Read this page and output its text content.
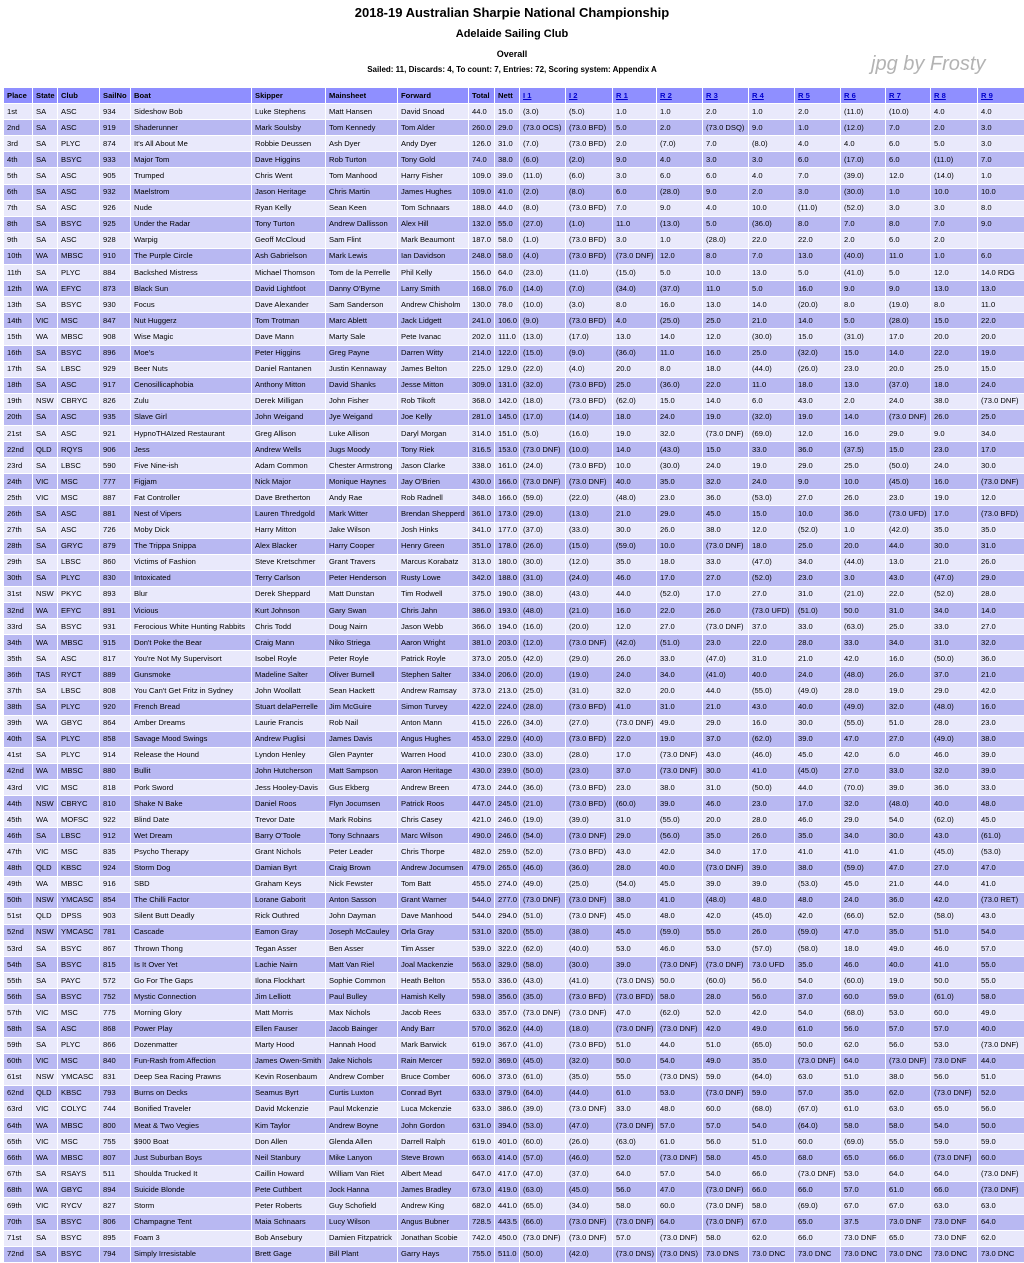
2018-19 Australian Sharpie National Championship
Adelaide Sailing Club
Overall
Sailed: 11, Discards: 4, To count: 7, Entries: 72, Scoring system: Appendix A	jpg by Frosty
Place	State	Club	SailNo	Boat	Skipper	Mainsheet	Forward	Total	Nett	I 1	I 2	R 1	R 2	R 3	R 4	R 5	R 6	R 7	R 8	R 9
1st	SA	ASC	934	Sideshow Bob	Luke Stephens	Matt Hansen	David Snoad	44.0	15.0	(3.0)	(5.0)	1.0	1.0	2.0	1.0	2.0	(11.0)	(10.0)	4.0	4.0
2nd	SA	ASC	919	Shaderunner	Mark Soulsby	Tom Kennedy	Tom Alder	260.0	29.0	(73.0 OCS)	(73.0 BFD)	5.0	2.0	(73.0 DSQ)	9.0	1.0	(12.0)	7.0	2.0	3.0
3rd	SA	PLYC	874	It's All About Me	Robbie Deussen	Ash Dyer	Andy Dyer	126.0	31.0	(7.0)	(73.0 BFD)	2.0	(7.0)	7.0	(8.0)	4.0	4.0	6.0	5.0	3.0
4th	SA	BSYC	933	Major Tom	Dave Higgins	Rob Turton	Tony Gold	74.0	38.0	(6.0)	(2.0)	9.0	4.0	3.0	3.0	6.0	(17.0)	6.0	(11.0)	7.0
5th	SA	ASC	905	Trumped	Chris Went	Tom Manhood	Harry Fisher	109.0	39.0	(11.0)	(6.0)	3.0	6.0	6.0	4.0	7.0	(39.0)	12.0	(14.0)	1.0
6th	SA	ASC	932	Maelstrom	Jason Heritage	Chris Martin	James Hughes	109.0	41.0	(2.0)	(8.0)	6.0	(28.0)	9.0	2.0	3.0	(30.0)	1.0	10.0	10.0
7th	SA	ASC	926	Nude	Ryan Kelly	Sean Keen	Tom Schnaars	188.0	44.0	(8.0)	(73.0 BFD)	7.0	9.0	4.0	10.0	(11.0)	(52.0)	3.0	3.0	8.0
8th	SA	BSYC	925	Under the Radar	Tony Turton	Andrew Dallisson	Alex Hill	132.0	55.0	(27.0)	(1.0)	11.0	(13.0)	5.0	(36.0)	8.0	7.0	8.0	7.0	9.0
9th	SA	ASC	928	Warpig	Geoff McCloud	Sam Flint	Mark Beaumont	187.0	58.0	(1.0)	(73.0 BFD)	3.0	1.0	(28.0)	22.0	22.0	2.0	6.0	2.0	
10th	WA	MBSC	910	The Purple Circle	Ash Gabrielson	Mark Lewis	Ian Davidson	248.0	58.0	(4.0)	(73.0 BFD)	(73.0 DNF)	12.0	8.0	7.0	13.0	(40.0)	11.0	1.0	6.0
11th	SA	PLYC	884	Backshed Mistress	Michael Thomson	Tom de la Perrelle	Phil Kelly	156.0	64.0	(23.0)	(11.0)	(15.0)	5.0	10.0	13.0	5.0	(41.0)	5.0	12.0	14.0 RDG
12th	WA	EFYC	873	Black Sun	David Lightfoot	Danny O'Byrne	Larry Smith	168.0	76.0	(14.0)	(7.0)	(34.0)	(37.0)	11.0	5.0	16.0	9.0	9.0	13.0	13.0
13th	SA	BSYC	930	Focus	Dave Alexander	Sam Sanderson	Andrew Chisholm	130.0	78.0	(10.0)	(3.0)	8.0	16.0	13.0	14.0	(20.0)	8.0	(19.0)	8.0	11.0
14th	VIC	MSC	847	Nut Huggerz	Tom Trotman	Marc Ablett	Jack Lidgett	241.0	106.0	(9.0)	(73.0 BFD)	4.0	(25.0)	25.0	21.0	14.0	5.0	(28.0)	15.0	22.0
15th	WA	MBSC	908	Wise Magic	Dave Mann	Marty Sale	Pete Ivanac	202.0	111.0	(13.0)	(17.0)	13.0	14.0	12.0	(30.0)	15.0	(31.0)	17.0	20.0	20.0
16th	SA	BSYC	896	Moe's	Peter Higgins	Greg Payne	Darren Witty	214.0	122.0	(15.0)	(9.0)	(36.0)	11.0	16.0	25.0	(32.0)	15.0	14.0	22.0	19.0
17th	SA	LBSC	929	Beer Nuts	Daniel Rantanen	Justin Kennaway	James Belton	225.0	129.0	(22.0)	(4.0)	20.0	8.0	18.0	(44.0)	(26.0)	23.0	20.0	25.0	15.0
18th	SA	ASC	917	Cenosillicaphobia	Anthony Mitton	David Shanks	Jesse Mitton	309.0	131.0	(32.0)	(73.0 BFD)	25.0	(36.0)	22.0	11.0	18.0	13.0	(37.0)	18.0	24.0
19th	NSW	CBRYC	826	Zulu	Derek Milligan	John Fisher	Rob Tikoft	368.0	142.0	(18.0)	(73.0 BFD)	(62.0)	15.0	14.0	6.0	43.0	2.0	24.0	38.0	(73.0 DNF)
20th	SA	ASC	935	Slave Girl	John Weigand	Jye Weigand	Joe Kelly	281.0	145.0	(17.0)	(14.0)	18.0	24.0	19.0	(32.0)	19.0	14.0	(73.0 DNF)	26.0	25.0
21st	SA	ASC	921	HypnoTHAIzed Restaurant	Greg Allison	Luke Allison	Daryl Morgan	314.0	151.0	(5.0)	(16.0)	19.0	32.0	(73.0 DNF)	(69.0)	12.0	16.0	29.0	9.0	34.0
22nd	QLD	RQYS	906	Jess	Andrew Wells	Jugs Moody	Tony Riek	316.5	153.0	(73.0 DNF)	(10.0)	14.0	(43.0)	15.0	33.0	36.0	(37.5)	15.0	23.0	17.0
23rd	SA	LBSC	590	Five Nine-ish	Adam Common	Chester Armstrong	Jason Clarke	338.0	161.0	(24.0)	(73.0 BFD)	10.0	(30.0)	24.0	19.0	29.0	25.0	(50.0)	24.0	30.0
24th	VIC	MSC	777	Figjam	Nick Major	Monique Haynes	Jay O'Brien	430.0	166.0	(73.0 DNF)	(73.0 DNF)	40.0	35.0	32.0	24.0	9.0	10.0	(45.0)	16.0	(73.0 DNF)
25th	VIC	MSC	887	Fat Controller	Dave Bretherton	Andy Rae	Rob Radnell	348.0	166.0	(59.0)	(22.0)	(48.0)	23.0	36.0	(53.0)	27.0	26.0	23.0	19.0	12.0
26th	SA	ASC	881	Nest of Vipers	Lauren Thredgold	Mark Witter	Brendan Shepperd	361.0	173.0	(29.0)	(13.0)	21.0	29.0	45.0	15.0	10.0	36.0	(73.0 UFD)	17.0	(73.0 BFD)
27th	SA	ASC	726	Moby Dick	Harry Mitton	Jake Wilson	Josh Hinks	341.0	177.0	(37.0)	(33.0)	30.0	26.0	38.0	12.0	(52.0)	1.0	(42.0)	35.0	35.0
28th	SA	GRYC	879	The Trippa Snippa	Alex Blacker	Harry Cooper	Henry Green	351.0	178.0	(26.0)	(15.0)	(59.0)	10.0	(73.0 DNF)	18.0	25.0	20.0	44.0	30.0	31.0
29th	SA	LBSC	860	Victims of Fashion	Steve Kretschmer	Grant Travers	Marcus Korabatz	313.0	180.0	(30.0)	(12.0)	35.0	18.0	33.0	(47.0)	34.0	(44.0)	13.0	21.0	26.0
30th	SA	PLYC	830	Intoxicated	Terry Carlson	Peter Henderson	Rusty Lowe	342.0	188.0	(31.0)	(24.0)	46.0	17.0	27.0	(52.0)	23.0	3.0	43.0	(47.0)	29.0
31st	NSW	PKYC	893	Blur	Derek Sheppard	Matt Dunstan	Tim Rodwell	375.0	190.0	(38.0)	(43.0)	44.0	(52.0)	17.0	27.0	31.0	(21.0)	22.0	(52.0)	28.0
32nd	WA	EFYC	891	Vicious	Kurt Johnson	Gary Swan	Chris Jahn	386.0	193.0	(48.0)	(21.0)	16.0	22.0	26.0	(73.0 UFD)	(51.0)	50.0	31.0	34.0	14.0
33rd	SA	BSYC	931	Ferocious White Hunting Rabbits	Chris Todd	Doug Nairn	Jason Webb	366.0	194.0	(16.0)	(20.0)	12.0	27.0	(73.0 DNF)	37.0	33.0	(63.0)	25.0	33.0	27.0
34th	WA	MBSC	915	Don't Poke the Bear	Craig Mann	Niko Striega	Aaron Wright	381.0	203.0	(12.0)	(73.0 DNF)	(42.0)	(51.0)	23.0	22.0	28.0	33.0	34.0	31.0	32.0
35th	SA	ASC	817	You're Not My Supervisort	Isobel Royle	Peter Royle	Patrick Royle	373.0	205.0	(42.0)	(29.0)	26.0	33.0	(47.0)	31.0	21.0	42.0	16.0	(50.0)	36.0
36th	TAS	RYCT	889	Gunsmoke	Madeline Salter	Oliver Burnell	Stephen Salter	334.0	206.0	(20.0)	(19.0)	24.0	34.0	(41.0)	40.0	24.0	(48.0)	26.0	37.0	21.0
37th	SA	LBSC	808	You Can't Get Fritz in Sydney	John Woollatt	Sean Hackett	Andrew Ramsay	373.0	213.0	(25.0)	(31.0)	32.0	20.0	44.0	(55.0)	(49.0)	28.0	19.0	29.0	42.0
38th	SA	PLYC	920	French Bread	Stuart delaPerrelle	Jim McGuire	Simon Turvey	422.0	224.0	(28.0)	(73.0 BFD)	41.0	31.0	21.0	43.0	40.0	(49.0)	32.0	(48.0)	16.0
39th	WA	GBYC	864	Amber Dreams	Laurie Francis	Rob Nail	Anton Mann	415.0	226.0	(34.0)	(27.0)	(73.0 DNF)	49.0	29.0	16.0	30.0	(55.0)	51.0	28.0	23.0
40th	SA	PLYC	858	Savage Mood Swings	Andrew Puglisi	James Davis	Angus Hughes	453.0	229.0	(40.0)	(73.0 BFD)	22.0	19.0	37.0	(62.0)	39.0	47.0	27.0	(49.0)	38.0
41st	SA	PLYC	914	Release the Hound	Lyndon Henley	Glen Paynter	Warren Hood	410.0	230.0	(33.0)	(28.0)	17.0	(73.0 DNF)	43.0	(46.0)	45.0	42.0	6.0	46.0	39.0
42nd	WA	MBSC	880	Bullit	John Hutcherson	Matt Sampson	Aaron Heritage	430.0	239.0	(50.0)	(23.0)	37.0	(73.0 DNF)	30.0	41.0	(45.0)	27.0	33.0	32.0	39.0
43rd	VIC	MSC	818	Pork Sword	Jess Hooley-Davis	Gus Ekberg	Andrew Breen	473.0	244.0	(36.0)	(73.0 BFD)	23.0	38.0	31.0	(50.0)	44.0	(70.0)	39.0	36.0	33.0
44th	NSW	CBRYC	810	Shake N Bake	Daniel Roos	Flyn Jocumsen	Patrick Roos	447.0	245.0	(21.0)	(73.0 BFD)	(60.0)	39.0	46.0	23.0	17.0	32.0	(48.0)	40.0	48.0
45th	WA	MOFSC	922	Blind Date	Trevor Date	Mark Robins	Chris Casey	421.0	246.0	(19.0)	(39.0)	31.0	(55.0)	20.0	28.0	46.0	29.0	54.0	(62.0)	45.0
46th	SA	LBSC	912	Wet Dream	Barry O'Toole	Tony Schnaars	Marc Wilson	490.0	246.0	(54.0)	(73.0 DNF)	29.0	(56.0)	35.0	26.0	35.0	34.0	30.0	43.0	(61.0)
47th	VIC	MSC	835	Psycho Therapy	Grant Nichols	Peter Leader	Chris Thorpe	482.0	259.0	(52.0)	(73.0 BFD)	43.0	42.0	34.0	17.0	41.0	41.0	41.0	(45.0)	(53.0)
48th	QLD	KBSC	924	Storm Dog	Damian Byrt	Craig Brown	Andrew Jocumsen	479.0	265.0	(46.0)	(36.0)	28.0	40.0	(73.0 DNF)	39.0	38.0	(59.0)	47.0	27.0	47.0
49th	WA	MBSC	916	SBD	Graham Keys	Nick Fewster	Tom Batt	455.0	274.0	(49.0)	(25.0)	(54.0)	45.0	39.0	39.0	(53.0)	45.0	21.0	44.0	41.0
50th	NSW	YMCASC	854	The Chilli Factor	Lorane Gaborit	Anton Sasson	Grant Warner	544.0	277.0	(73.0 DNF)	(73.0 DNF)	38.0	41.0	(48.0)	48.0	48.0	24.0	36.0	42.0	(73.0 RET)
51st	QLD	DPSS	903	Silent Butt Deadly	Rick Outhred	John Dayman	Dave Manhood	544.0	294.0	(51.0)	(73.0 DNF)	45.0	48.0	42.0	(45.0)	42.0	(66.0)	52.0	(58.0)	43.0
52nd	NSW	YMCASC	781	Cascade	Eamon Gray	Joseph McCauley	Orla Gray	531.0	320.0	(55.0)	(38.0)	45.0	(59.0)	55.0	26.0	(59.0)	47.0	35.0	51.0	54.0
53rd	SA	BSYC	867	Thrown Thong	Tegan Asser	Ben Asser	Tim Asser	539.0	322.0	(62.0)	(40.0)	53.0	46.0	53.0	(57.0)	(58.0)	18.0	49.0	46.0	57.0
54th	SA	BSYC	815	Is It Over Yet	Lachie Nairn	Matt Van Riel	Joal Mackenzie	563.0	329.0	(58.0)	(30.0)	39.0	(73.0 DNF)	(73.0 DNF)	73.0 UFD	35.0	46.0	40.0	41.0	55.0
55th	SA	PAYC	572	Go For The Gaps	Ilona Flockhart	Sophie Common	Heath Belton	553.0	336.0	(43.0)	(41.0)	(73.0 DNS)	50.0	(60.0)	56.0	54.0	(60.0)	19.0	50.0	55.0
56th	SA	BSYC	752	Mystic Connection	Jim Lelliott	Paul Bulley	Hamish Kelly	598.0	356.0	(35.0)	(73.0 BFD)	(73.0 BFD)	58.0	28.0	56.0	37.0	60.0	59.0	(61.0)	58.0
57th	VIC	MSC	775	Morning Glory	Matt Morris	Max Nichols	Jacob Rees	633.0	357.0	(73.0 DNF)	(73.0 DNF)	47.0	(62.0)	52.0	42.0	54.0	(68.0)	53.0	60.0	49.0
58th	SA	ASC	868	Power Play	Ellen Fauser	Jacob Bainger	Andy Barr	570.0	362.0	(44.0)	(18.0)	(73.0 DNF)	(73.0 DNF)	42.0	49.0	61.0	56.0	57.0	57.0	40.0
59th	SA	PLYC	866	Dozenmatter	Marty Hood	Hannah Hood	Mark Barwick	619.0	367.0	(41.0)	(73.0 BFD)	51.0	44.0	51.0	(65.0)	50.0	62.0	56.0	53.0	(73.0 DNF)
60th	VIC	MSC	840	Fun-Rash from Affection	James Owen-Smith	Jake Nichols	Rain Mercer	592.0	369.0	(45.0)	(32.0)	50.0	54.0	49.0	35.0	(73.0 DNF)	64.0	(73.0 DNF)	73.0 DNF	44.0
61st	NSW	YMCASC	831	Deep Sea Racing Prawns	Kevin Rosenbaum	Andrew Comber	Bruce Comber	606.0	373.0	(61.0)	(35.0)	55.0	(73.0 DNS)	59.0	(64.0)	63.0	51.0	38.0	56.0	51.0
62nd	QLD	KBSC	793	Burns on Decks	Seamus Byrt	Curtis Luxton	Conrad Byrt	633.0	379.0	(64.0)	(44.0)	61.0	53.0	(73.0 DNF)	59.0	57.0	35.0	62.0	(73.0 DNF)	52.0
63rd	VIC	COLYC	744	Bonified Traveler	David Mckenzie	Paul Mckenzie	Luca Mckenzie	633.0	386.0	(39.0)	(73.0 DNF)	33.0	48.0	60.0	(68.0)	(67.0)	61.0	63.0	65.0	56.0
64th	WA	MBSC	800	Meat & Two Vegies	Kim Taylor	Andrew Boyne	John Gordon	631.0	394.0	(53.0)	(47.0)	(73.0 DNF)	57.0	57.0	54.0	(64.0)	58.0	58.0	54.0	50.0
65th	VIC	MSC	755	$900 Boat	Don Allen	Glenda Allen	Darrell Ralph	619.0	401.0	(60.0)	(26.0)	(63.0)	61.0	56.0	51.0	60.0	(69.0)	55.0	59.0	59.0
66th	WA	MBSC	807	Just Suburban Boys	Neil Stanbury	Mike Lanyon	Steve Brown	663.0	414.0	(57.0)	(46.0)	52.0	(73.0 DNF)	58.0	45.0	68.0	65.0	66.0	(73.0 DNF)	60.0
67th	SA	RSAYS	511	Shoulda Trucked It	Caillin Howard	William Van Riet	Albert Mead	647.0	417.0	(47.0)	(37.0)	64.0	57.0	54.0	66.0	(73.0 DNF)	53.0	64.0	64.0	(73.0 DNF)
68th	WA	GBYC	894	Suicide Blonde	Pete Cuthbert	Jock Hanna	James Bradley	673.0	419.0	(63.0)	(45.0)	56.0	47.0	(73.0 DNF)	66.0	66.0	57.0	61.0	66.0	(73.0 DNF)
69th	VIC	RYCV	827	Storm	Peter Roberts	Guy Schofield	Andrew King	682.0	441.0	(65.0)	(34.0)	58.0	60.0	(73.0 DNF)	58.0	(69.0)	67.0	67.0	63.0	63.0
70th	SA	BSYC	806	Champagne Tent	Maia Schnaars	Lucy Wilson	Angus Bubner	728.5	443.5	(66.0)	(73.0 DNF)	(73.0 DNF)	64.0	(73.0 DNF)	67.0	65.0	37.5	73.0 DNF	73.0 DNF	64.0
71st	SA	BSYC	895	Foam 3	Bob Ansebury	Damien Fitzpatrick	Jonathan Scobie	742.0	450.0	(73.0 DNF)	(73.0 DNF)	57.0	(73.0 DNF)	58.0	62.0	66.0	73.0 DNF	65.0	73.0 DNF	62.0
72nd	SA	BSYC	794	Simply Irresistable	Brett Gage	Bill Plant	Garry Hays	755.0	511.0	(50.0)	(42.0)	(73.0 DNS)	(73.0 DNS)	73.0 DNS	73.0 DNC	73.0 DNC	73.0 DNC	73.0 DNC	73.0 DNC	73.0 DNC
